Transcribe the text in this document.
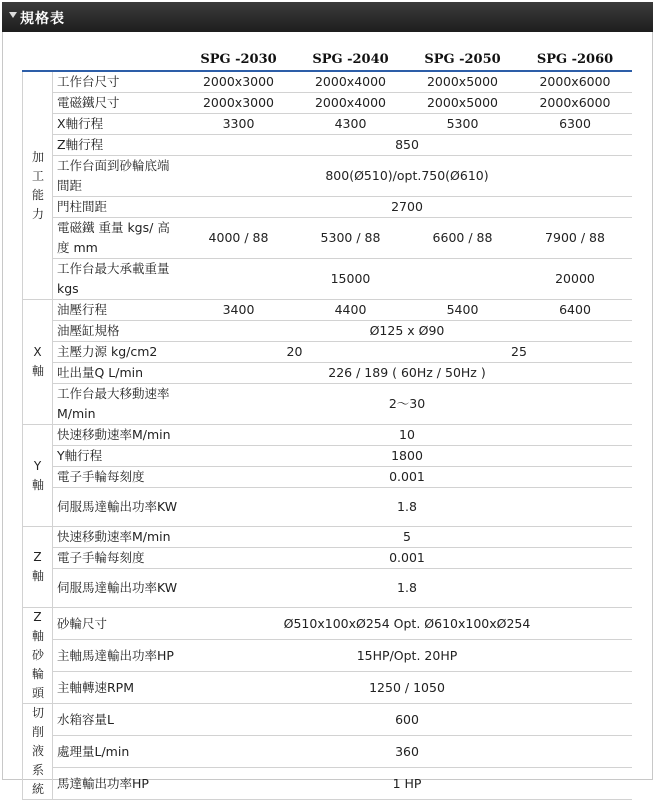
規格表
		SPG -2030	SPG -2040	SPG -2050	SPG -2060
加工能力	工作台尺寸	2000x3000	2000x4000	2000x5000	2000x6000
	電磁鐵尺寸	2000x3000	2000x4000	2000x5000	2000x6000
	X軸行程	3300	4300	5300	6300
	Z軸行程	850			
	工作台面到砂輪底端間距	800(Ø510)/opt.750(Ø610)			
	門柱間距	2700			
	電磁鐵 重量 kgs/ 高度 mm	4000 / 88	5300 / 88	6600 / 88	7900 / 88
	工作台最大承載重量kgs	15000			20000
X軸	油壓行程	3400	4400	5400	6400
	油壓缸規格	Ø125 x Ø90			
	主壓力源 kg/cm2	20		25	
	吐出量Q L/min	226 / 189 ( 60Hz / 50Hz )			
	工作台最大移動速率M/min	2～30			
Y軸	快速移動速率M/min	10			
	Y軸行程	1800			
	電子手輪每刻度	0.001			
	伺服馬達輸出功率KW	1.8			
Z軸	快速移動速率M/min	5			
	電子手輪每刻度	0.001			
	伺服馬達輸出功率KW	1.8			
Z軸砂輪頭	砂輪尺寸	Ø510x100xØ254 Opt. Ø610x100xØ254			
	主軸馬達輸出功率HP	15HP/Opt. 20HP			
	主軸轉速RPM	1250 / 1050			
切削液系統	水箱容量L	600			
	處理量L/min	360			
	馬達輸出功率HP	1 HP			
